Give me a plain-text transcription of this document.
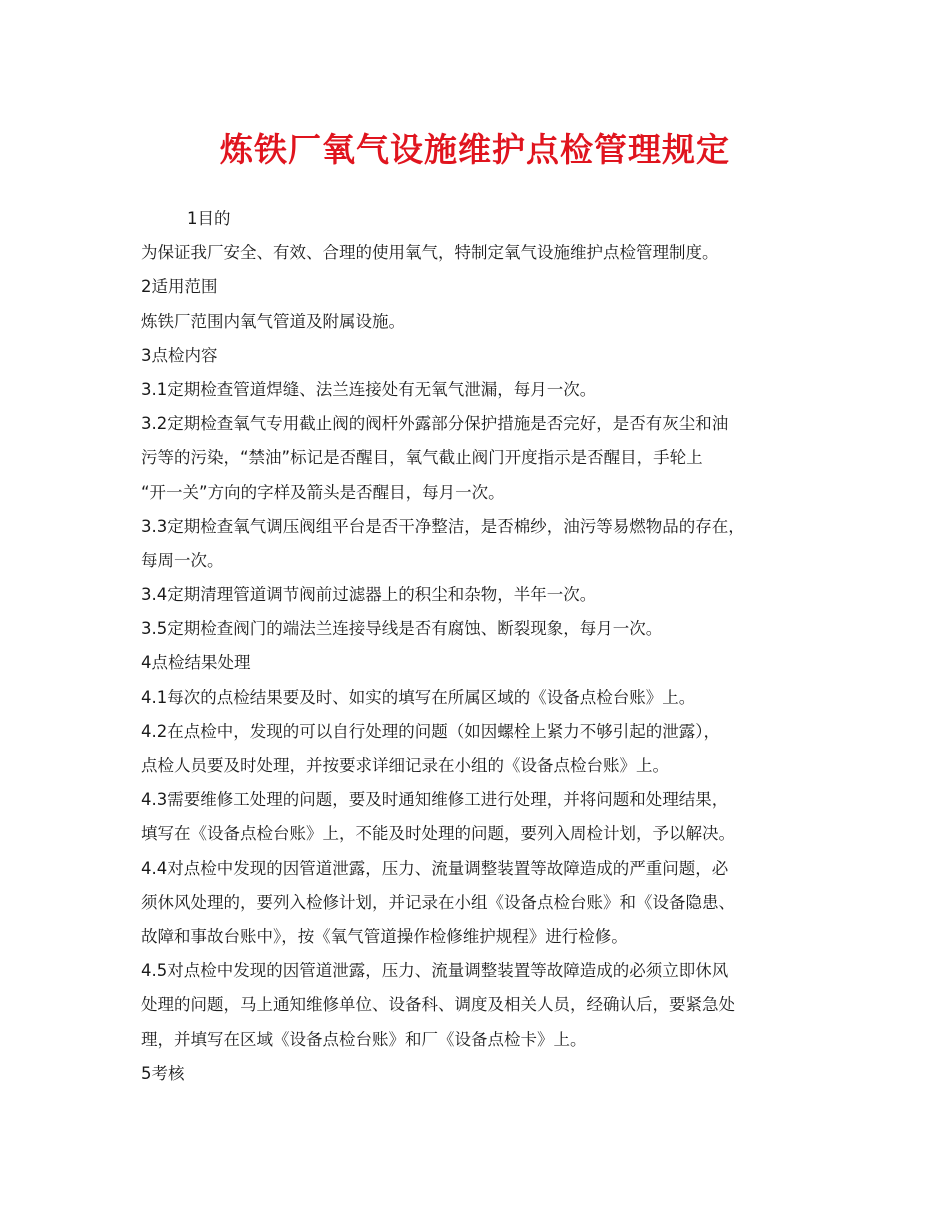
炼铁厂氧气设施维护点检管理规定
1目的
为保证我厂安全、有效、合理的使用氧气，特制定氧气设施维护点检管理制度。
2适用范围
炼铁厂范围内氧气管道及附属设施。
3点检内容
3.1定期检查管道焊缝、法兰连接处有无氧气泄漏，每月一次。
3.2定期检查氧气专用截止阀的阀杆外露部分保护措施是否完好，是否有灰尘和油
污等的污染，“禁油”标记是否醒目，氧气截止阀门开度指示是否醒目，手轮上
“开一关”方向的字样及箭头是否醒目，每月一次。
3.3定期检查氧气调压阀组平台是否干净整洁，是否棉纱，油污等易燃物品的存在，
每周一次。
3.4定期清理管道调节阀前过滤器上的积尘和杂物，半年一次。
3.5定期检查阀门的端法兰连接导线是否有腐蚀、断裂现象，每月一次。
4点检结果处理
4.1每次的点检结果要及时、如实的填写在所属区域的《设备点检台账》上。
4.2在点检中，发现的可以自行处理的问题（如因螺栓上紧力不够引起的泄露），
点检人员要及时处理，并按要求详细记录在小组的《设备点检台账》上。
4.3需要维修工处理的问题，要及时通知维修工进行处理，并将问题和处理结果，
填写在《设备点检台账》上，不能及时处理的问题，要列入周检计划，予以解决。
4.4对点检中发现的因管道泄露，压力、流量调整装置等故障造成的严重问题，必
须休风处理的，要列入检修计划，并记录在小组《设备点检台账》和《设备隐患、
故障和事故台账中》，按《氧气管道操作检修维护规程》进行检修。
4.5对点检中发现的因管道泄露，压力、流量调整装置等故障造成的必须立即休风
处理的问题，马上通知维修单位、设备科、调度及相关人员，经确认后，要紧急处
理，并填写在区域《设备点检台账》和厂《设备点检卡》上。
5考核
